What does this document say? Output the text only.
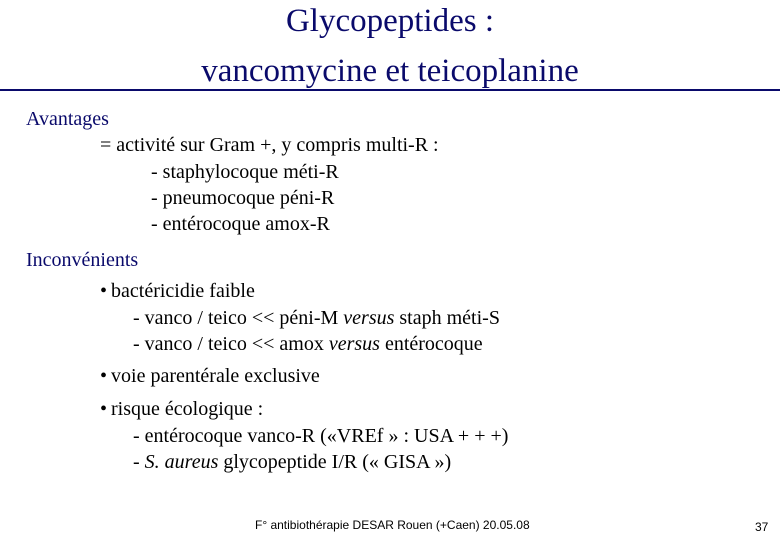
Glycopeptides :
vancomycine et teicoplanine
Avantages
= activité sur Gram +, y compris multi-R :
- staphylocoque méti-R
- pneumocoque péni-R
- entérocoque amox-R
Inconvénients
• bactéricidie faible
- vanco / teico << péni-M versus staph méti-S
- vanco / teico << amox versus entérocoque
• voie parentérale exclusive
• risque écologique :
- entérocoque vanco-R («VREf » : USA + + +)
- S. aureus glycopeptide I/R (« GISA »)
F° antibiothérapie DESAR Rouen (+Caen) 20.05.08	37
